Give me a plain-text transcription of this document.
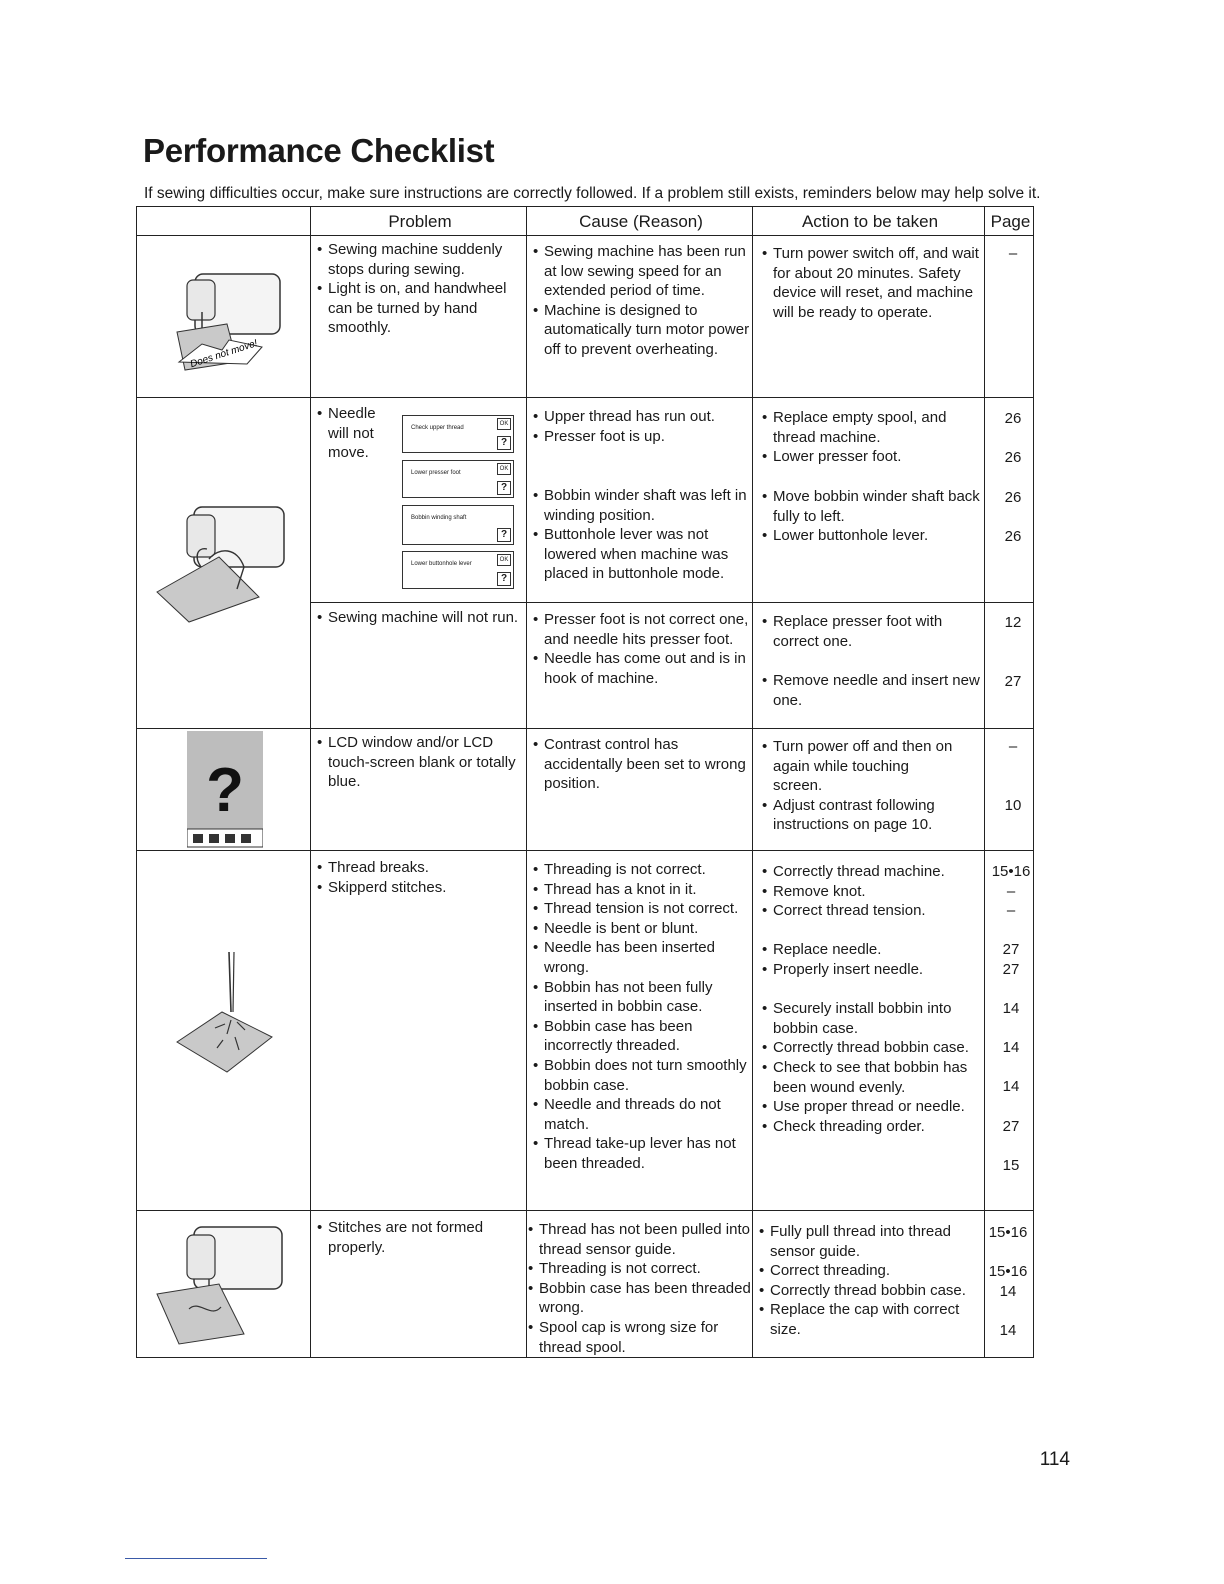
Performance Checklist
If sewing difficulties occur, make sure instructions are correctly followed. If a problem still exists, reminders below may help solve it.
Problem	Cause (Reason)	Action to be taken	Page
Does not move!
• Sewing machine suddenly stops during sewing.
• Light is on, and handwheel can be turned by hand smoothly.
• Sewing machine has been run at low sewing speed for an extended period of time.
• Machine is designed to automatically turn motor power off to prevent overheating.
• Turn power switch off, and wait for about 20 minutes. Safety device will reset, and machine will be ready to operate.
–
• Needle will not move.
Check upper thread
OK
?
Lower presser foot
OK
?
Bobbin winding shaft
?
Lower buttonhole lever
OK
?
• Upper thread has run out.
• Presser foot is up.
• Bobbin winder shaft was left in winding position.
• Buttonhole lever was not lowered when machine was placed in buttonhole mode.
• Replace empty spool, and thread machine.
• Lower presser foot.
• Move bobbin winder shaft back fully to left.
• Lower buttonhole lever.
26
26
26
26
• Sewing machine will not run.
•	Presser foot is not correct one, and needle hits presser foot.
• Needle has come out and is in hook of machine.
• Replace presser foot with correct one.
• Remove needle and insert new one.
12
27
?
• LCD window and/or LCD touch-screen blank or totally blue.
• Contrast control has accidentally been set to wrong position.
• Turn power off and then on again while touching screen.
• Adjust contrast following instructions on page 10.
–
10
• Thread breaks.
• Skipperd stitches.
• Threading is not correct.
• Thread has a knot in it.
• Thread tension is not correct.
• Needle is bent or blunt.
• Needle has been inserted wrong.
• Bobbin has not been fully inserted in bobbin case.
• Bobbin case has been incorrectly threaded.
• Bobbin does not turn smoothly bobbin case.
• Needle and threads do not match.
• Thread take-up lever has not been threaded.
• Correctly thread machine.
• Remove knot.
• Correct thread tension.
• Replace needle.
• Properly insert needle.
• Securely install bobbin into bobbin case.
• Correctly thread bobbin case.
• Check to see that bobbin has been wound evenly.
• Use proper thread or needle.
• Check threading order.
15•16
–
–
27
27
14
14
14
27
15
• Stitches are not formed properly.
• Thread has not been pulled into thread sensor guide.
• Threading is not correct.
• Bobbin case has been threaded wrong.
• Spool cap is wrong size for thread spool.
• Fully pull thread into thread sensor guide.
• Correct threading.
• Correctly thread bobbin case.
• Replace the cap with correct size.
15•16
15•16
14
14
114
